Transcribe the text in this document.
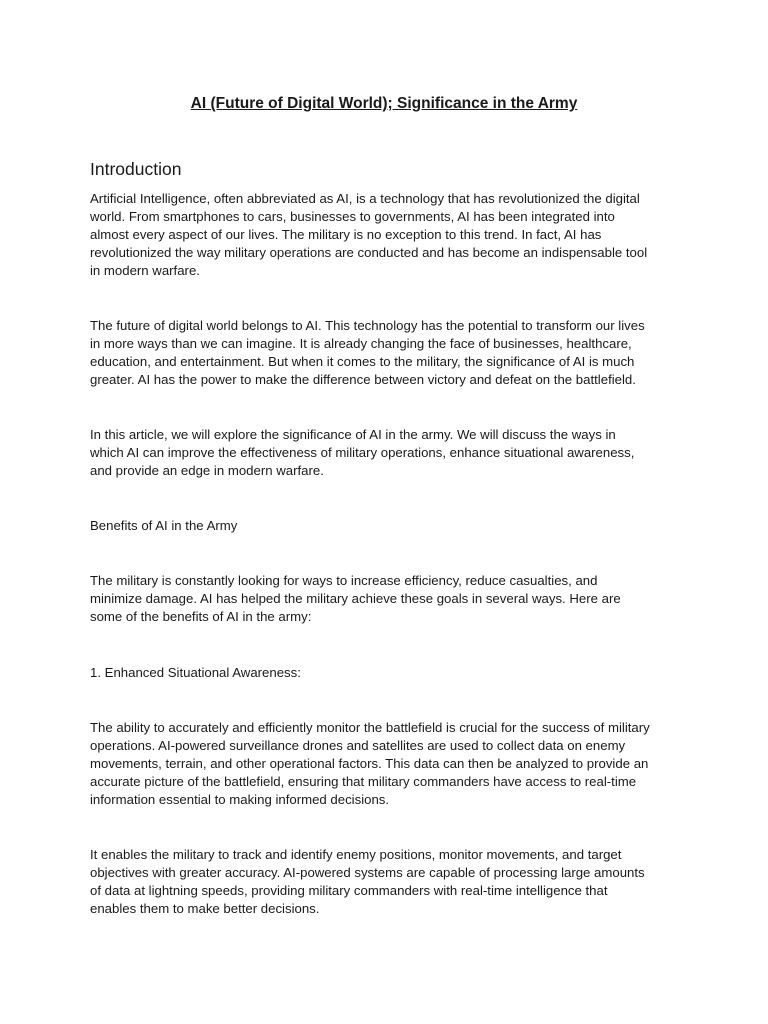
AI (Future of Digital World); Significance in the Army
Introduction
Artificial Intelligence, often abbreviated as AI, is a technology that has revolutionized the digital
world. From smartphones to cars, businesses to governments, AI has been integrated into
almost every aspect of our lives. The military is no exception to this trend. In fact, AI has
revolutionized the way military operations are conducted and has become an indispensable tool
in modern warfare.
The future of digital world belongs to AI. This technology has the potential to transform our lives
in more ways than we can imagine. It is already changing the face of businesses, healthcare,
education, and entertainment. But when it comes to the military, the significance of AI is much
greater. AI has the power to make the difference between victory and defeat on the battlefield.
In this article, we will explore the significance of AI in the army. We will discuss the ways in
which AI can improve the effectiveness of military operations, enhance situational awareness,
and provide an edge in modern warfare.
Benefits of AI in the Army
The military is constantly looking for ways to increase efficiency, reduce casualties, and
minimize damage. AI has helped the military achieve these goals in several ways. Here are
some of the benefits of AI in the army:
1. Enhanced Situational Awareness:
The ability to accurately and efficiently monitor the battlefield is crucial for the success of military
operations. AI-powered surveillance drones and satellites are used to collect data on enemy
movements, terrain, and other operational factors. This data can then be analyzed to provide an
accurate picture of the battlefield, ensuring that military commanders have access to real-time
information essential to making informed decisions.
It enables the military to track and identify enemy positions, monitor movements, and target
objectives with greater accuracy. AI-powered systems are capable of processing large amounts
of data at lightning speeds, providing military commanders with real-time intelligence that
enables them to make better decisions.
